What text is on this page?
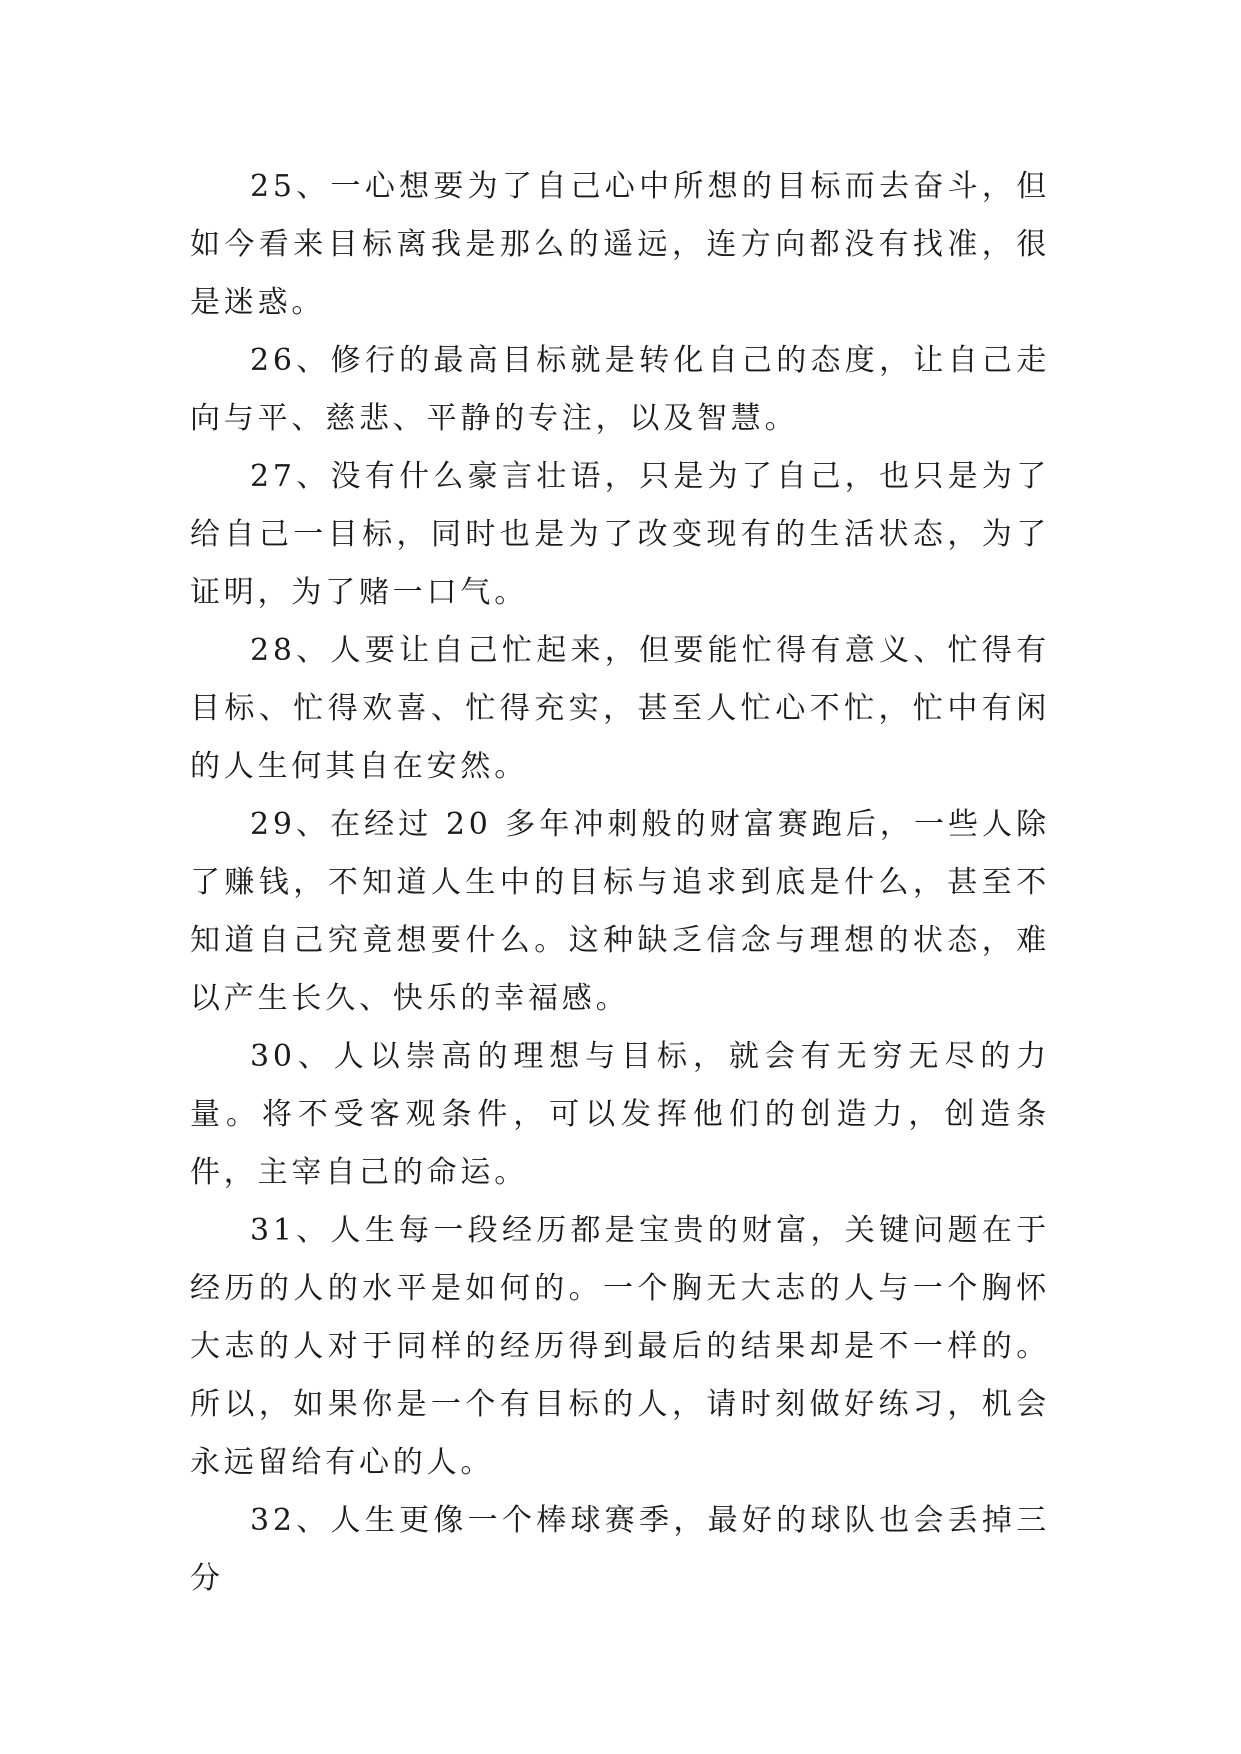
25、一心想要为了自己心中所想的目标而去奋斗，但如今看来目标离我是那么的遥远，连方向都没有找准，很是迷惑。

26、修行的最高目标就是转化自己的态度，让自己走向与平、慈悲、平静的专注，以及智慧。

27、没有什么豪言壮语，只是为了自己，也只是为了给自己一目标，同时也是为了改变现有的生活状态，为了证明，为了赌一口气。

28、人要让自己忙起来，但要能忙得有意义、忙得有目标、忙得欢喜、忙得充实，甚至人忙心不忙，忙中有闲的人生何其自在安然。

29、在经过 20 多年冲刺般的财富赛跑后，一些人除了赚钱，不知道人生中的目标与追求到底是什么，甚至不知道自己究竟想要什么。这种缺乏信念与理想的状态，难以产生长久、快乐的幸福感。

30、人以崇高的理想与目标，就会有无穷无尽的力量。将不受客观条件，可以发挥他们的创造力，创造条件，主宰自己的命运。

31、人生每一段经历都是宝贵的财富，关键问题在于经历的人的水平是如何的。一个胸无大志的人与一个胸怀大志的人对于同样的经历得到最后的结果却是不一样的。所以，如果你是一个有目标的人，请时刻做好练习，机会永远留给有心的人。

32、人生更像一个棒球赛季，最好的球队也会丢掉三分
